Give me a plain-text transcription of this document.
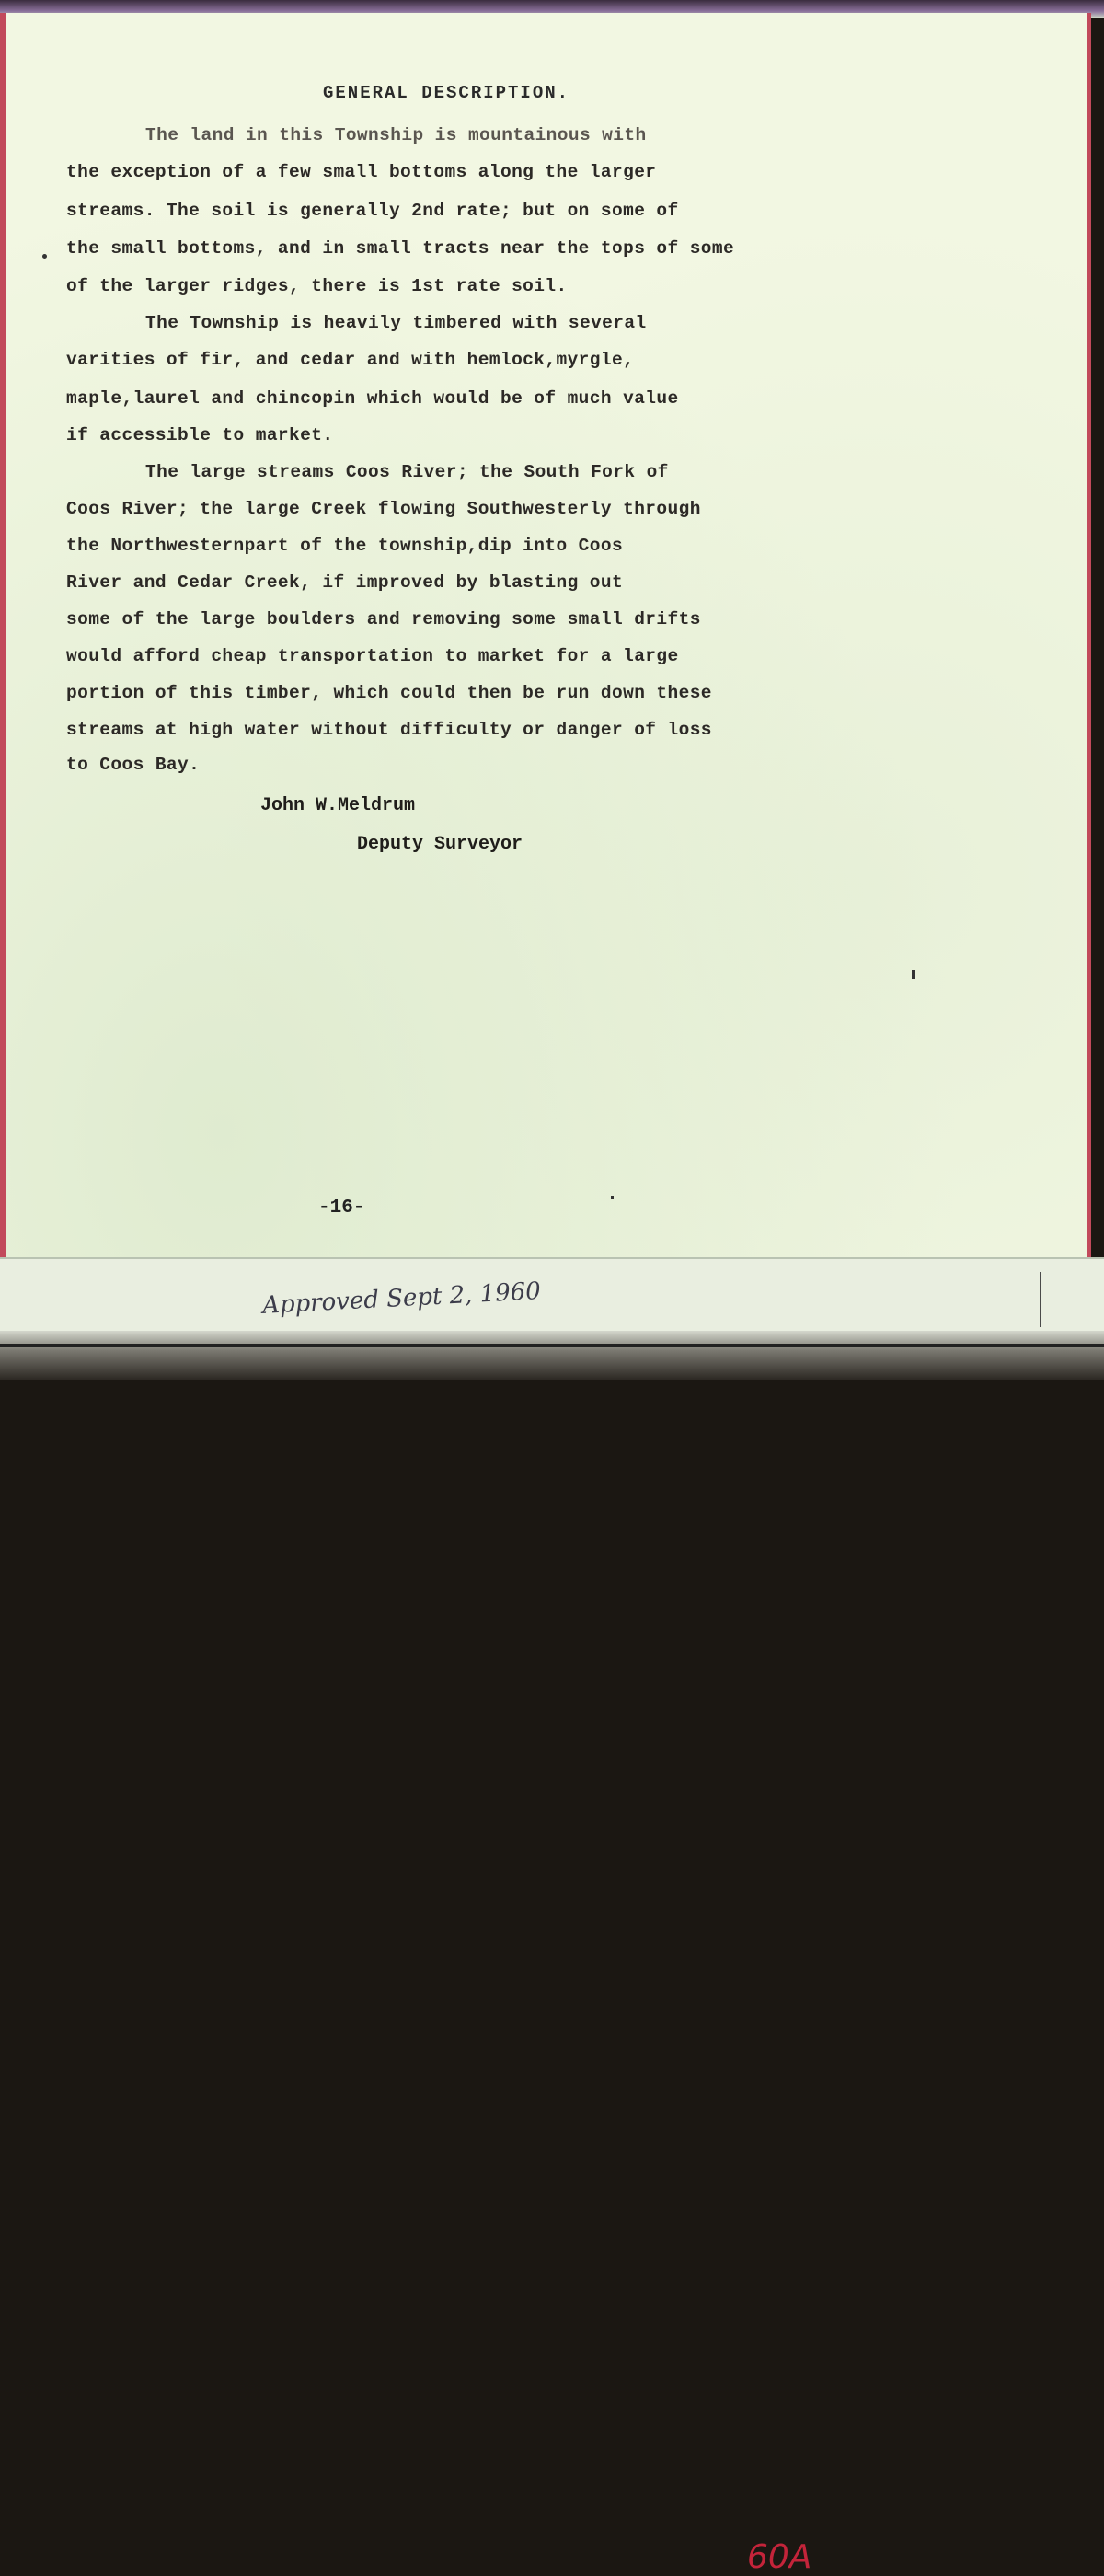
GENERAL DESCRIPTION.
The land in this Township is mountainous with
the exception of a few small bottoms along the larger
streams. The soil is generally 2nd rate; but on some of
the small bottoms, and in small tracts near the tops of some
of the larger ridges, there is 1st rate soil.
The Township is heavily timbered with several
varities of fir, and cedar and with hemlock,myrgle,
maple,laurel and chincopin which would be of much value
if accessible to market.
The large streams Coos River; the South Fork of
Coos River; the large Creek flowing Southwesterly through
the Northwesternpart of the township,dip into Coos
River and Cedar Creek, if improved by blasting out
some of the large boulders and removing some small drifts
would afford cheap transportation to market for a large
portion of this timber, which could then be run down these
streams at high water without difficulty or danger of loss
to Coos Bay.
John W.Meldrum
Deputy Surveyor
-16-
Approved Sept 2, 1960
60A
